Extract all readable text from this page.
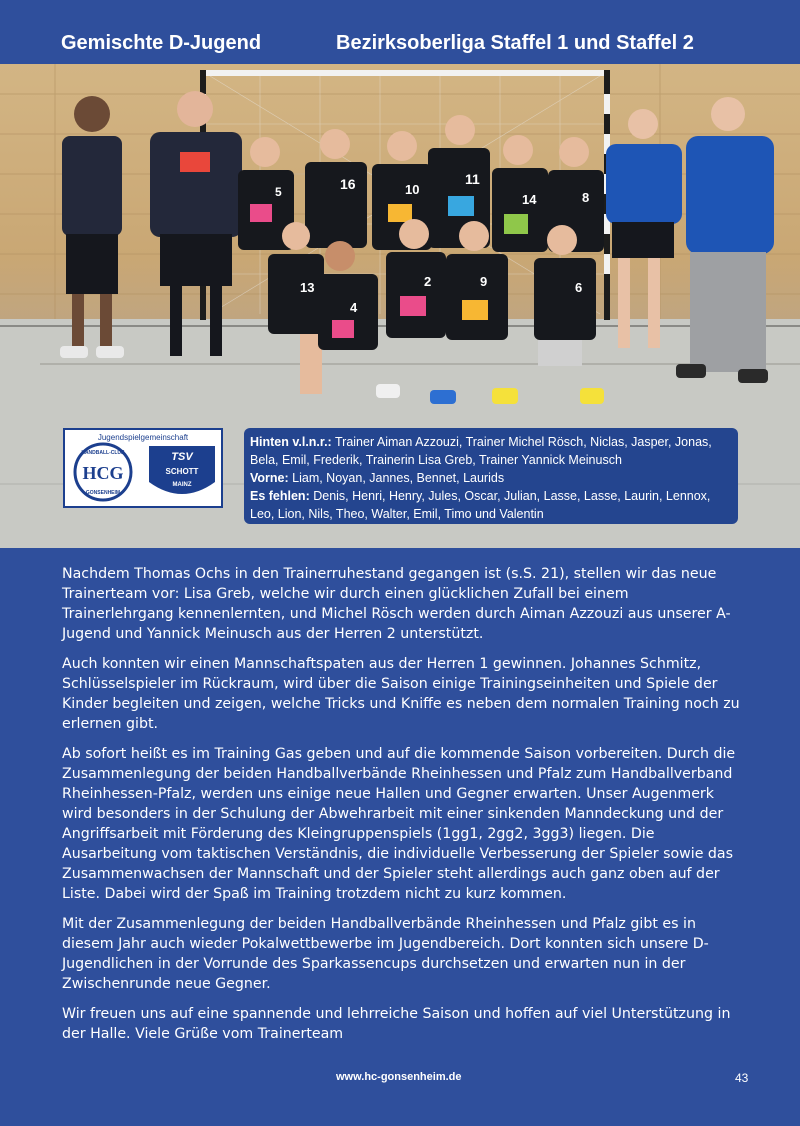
Gemischte D-Jugend	Bezirksoberliga Staffel 1 und Staffel 2
5	16	10
11
14	8
13
4
2	9	6
Jugendspielgemeinschaft
HANDBALL-CLUB
HCG
GONSENHEIM
TSV
SCHOTT
MAINZ

Hinten v.l.n.r.: Trainer Aiman Azzouzi, Trainer Michel Rösch, Niclas, Jasper, Jonas,

Bela, Emil, Frederik, Trainerin Lisa Greb, Trainer Yannick Meinusch

Vorne: Liam, Noyan, Jannes, Bennet, Laurids

Es fehlen: Denis, Henri, Henry, Jules, Oscar, Julian, Lasse, Lasse, Laurin, Lennox,

Leo, Lion, Nils, Theo, Walter, Emil, Timo und Valentin

Nachdem Thomas Ochs in den Trainerruhestand gegangen ist (s.S. 21), stellen wir das neue Trainerteam vor: Lisa Greb, welche wir durch einen glücklichen Zufall bei einem Trainerlehrgang kennenlernten, und Michel Rösch werden durch Aiman Azzouzi aus unserer A-Jugend und Yannick Meinusch aus der Herren 2 unterstützt.

Auch konnten wir einen Mannschaftspaten aus der Herren 1 gewinnen. Johannes Schmitz, Schlüsselspieler im Rückraum, wird über die Saison einige Trainingseinheiten und Spiele der Kinder begleiten und zeigen, welche Tricks und Kniffe es neben dem normalen Training noch zu erlernen gibt.

Ab sofort heißt es im Training Gas geben und auf die kommende Saison vorbereiten. Durch die Zusammenlegung der beiden Handballverbände Rheinhessen und Pfalz zum Handballverband Rheinhessen-Pfalz, werden uns einige neue Hallen und Gegner erwarten. Unser Augenmerk wird besonders in der Schulung der Abwehrarbeit mit einer sinkenden Manndeckung und der Angriffsarbeit mit Förderung des Kleingruppenspiels (1gg1, 2gg2, 3gg3) liegen. Die Ausarbeitung vom taktischen Verständnis, die individuelle Verbesserung der Spieler sowie das Zusammenwachsen der Mannschaft und der Spieler steht allerdings auch ganz oben auf der Liste. Dabei wird der Spaß im Training trotzdem nicht zu kurz kommen.

Mit der Zusammenlegung der beiden Handballverbände Rheinhessen und Pfalz gibt es in diesem Jahr auch wieder Pokalwettbewerbe im Jugendbereich. Dort konnten sich unsere D-Jugendlichen in der Vorrunde des Sparkassencups durchsetzen und erwarten nun in der Zwischenrunde neue Gegner.

Wir freuen uns auf eine spannende und lehrreiche Saison und hoffen auf viel Unterstützung in der Halle. Viele Grüße vom Trainerteam

www.hc-gonsenheim.de	43
